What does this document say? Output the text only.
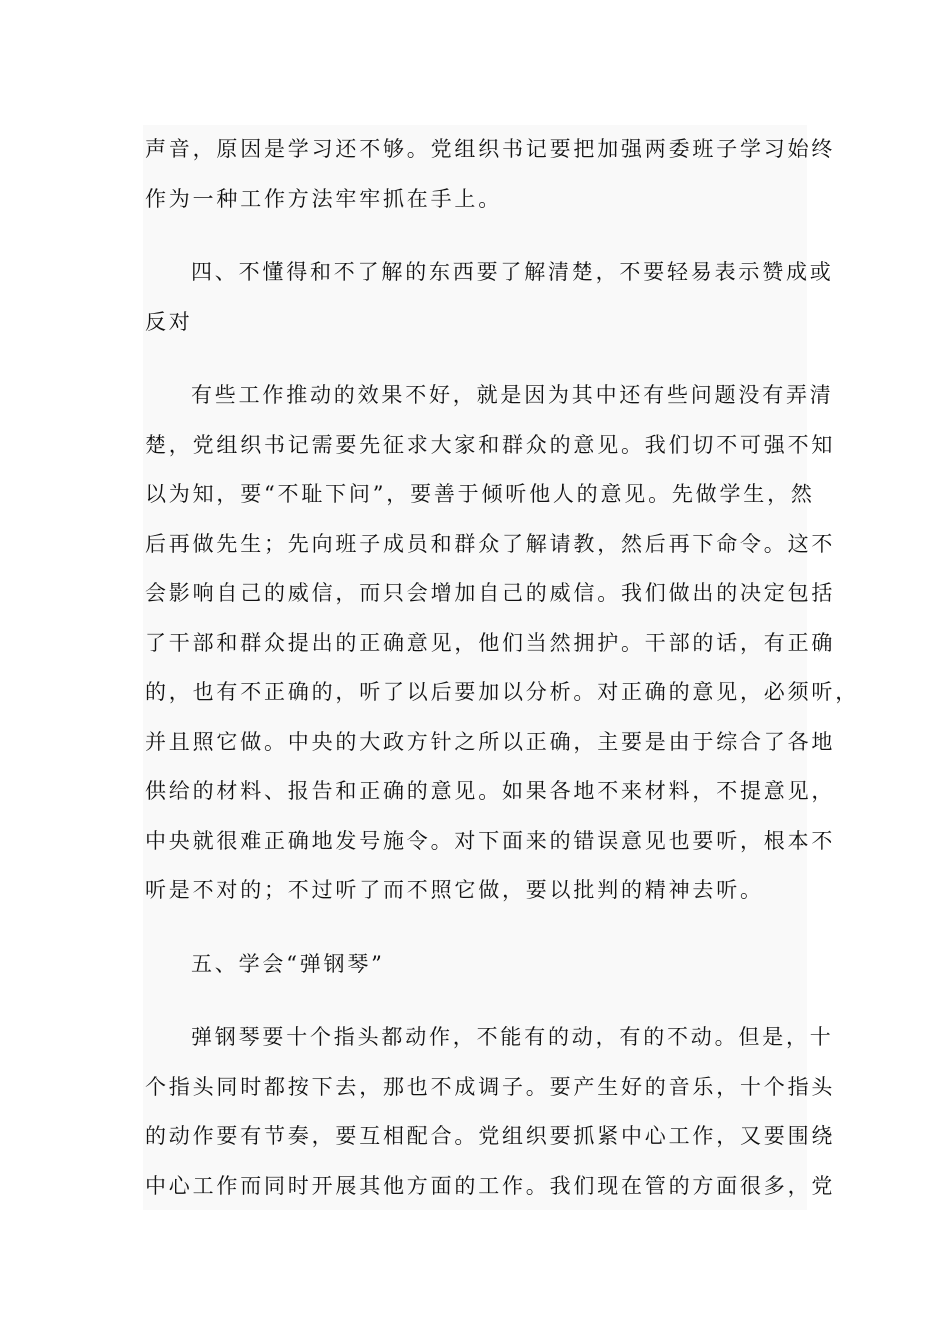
声音，原因是学习还不够。党组织书记要把加强两委班子学习始终
作为一种工作方法牢牢抓在手上。
四、不懂得和不了解的东西要了解清楚，不要轻易表示赞成或
反对
有些工作推动的效果不好，就是因为其中还有些问题没有弄清
楚，党组织书记需要先征求大家和群众的意见。我们切不可强不知
以为知，要“不耻下问”，要善于倾听他人的意见。先做学生，然
后再做先生；先向班子成员和群众了解请教，然后再下命令。这不
会影响自己的威信，而只会增加自己的威信。我们做出的决定包括
了干部和群众提出的正确意见，他们当然拥护。干部的话，有正确
的，也有不正确的，听了以后要加以分析。对正确的意见，必须听，
并且照它做。中央的大政方针之所以正确，主要是由于综合了各地
供给的材料、报告和正确的意见。如果各地不来材料，不提意见，
中央就很难正确地发号施令。对下面来的错误意见也要听，根本不
听是不对的；不过听了而不照它做，要以批判的精神去听。
五、学会“弹钢琴”
弹钢琴要十个指头都动作，不能有的动，有的不动。但是，十
个指头同时都按下去，那也不成调子。要产生好的音乐，十个指头
的动作要有节奏，要互相配合。党组织要抓紧中心工作，又要围绕
中心工作而同时开展其他方面的工作。我们现在管的方面很多，党
